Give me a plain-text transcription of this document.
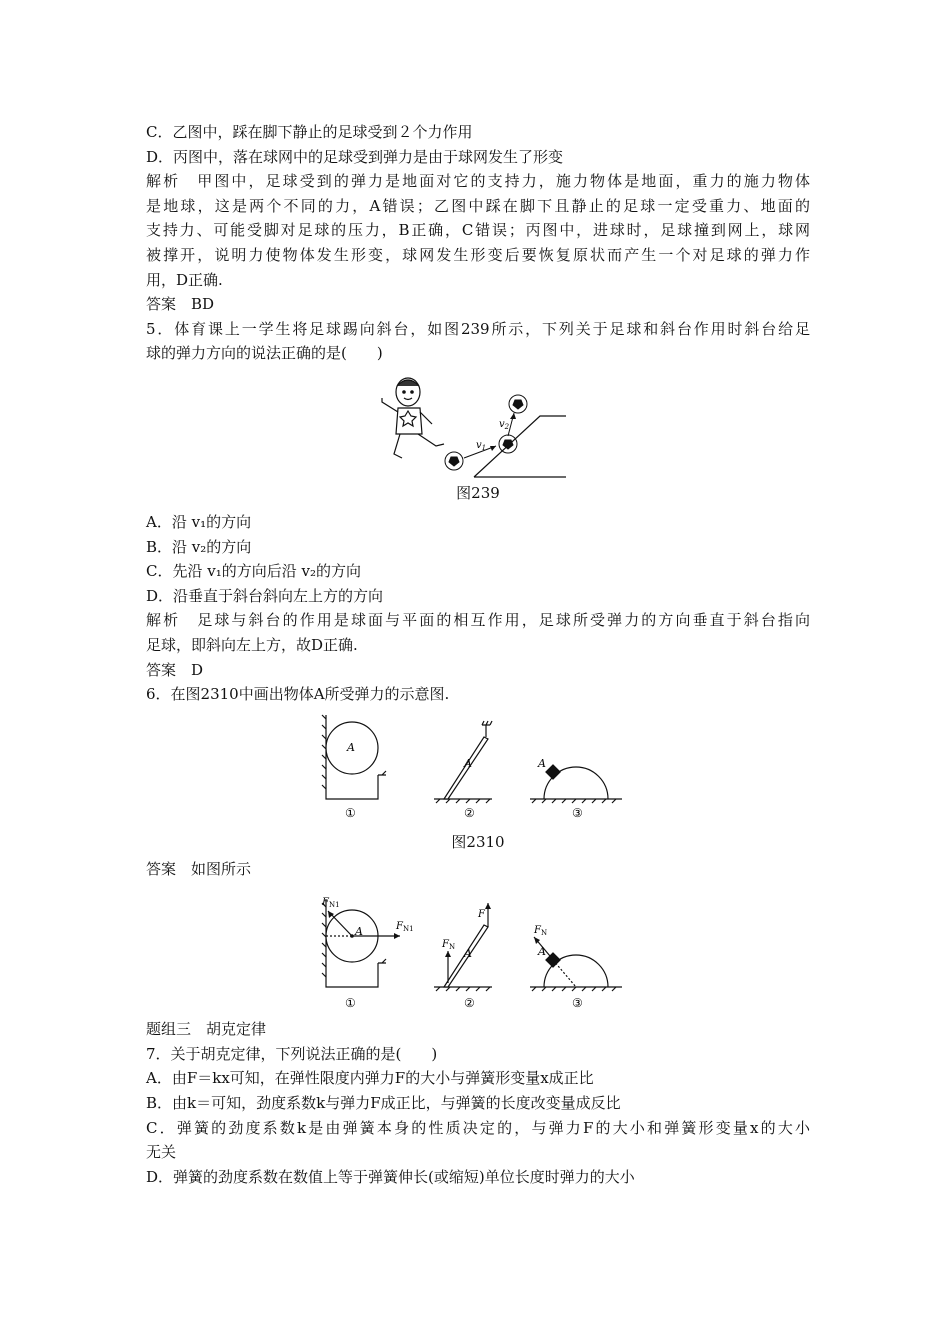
C．乙图中，踩在脚下静止的足球受到２个力作用
D．丙图中，落在球网中的足球受到弹力是由于球网发生了形变
解析　甲图中，足球受到的弹力是地面对它的支持力，施力物体是地面，重力的施力物体
是地球，这是两个不同的力，A错误；乙图中踩在脚下且静止的足球一定受重力、地面的
支持力、可能受脚对足球的压力，B正确，C错误；丙图中，进球时，足球撞到网上，球网
被撑开，说明力使物体发生形变，球网发生形变后要恢复原状而产生一个对足球的弹力作
用，D正确.
答案　BD
5．体育课上一学生将足球踢向斜台，如图239所示，下列关于足球和斜台作用时斜台给足
球的弹力方向的说法正确的是(　　)
$v_1$
$v_2$
图239
A．沿 v₁的方向
B．沿 v₂的方向
C．先沿 v₁的方向后沿 v₂的方向
D．沿垂直于斜台斜向左上方的方向
解析　足球与斜台的作用是球面与平面的相互作用，足球所受弹力的方向垂直于斜台指向
足球，即斜向左上方，故D正确.
答案　D
6．在图2310中画出物体A所受弹力的示意图.
A
①
A
②
A
③
图2310
答案　如图所示
$F_{N1}$
$F_{N1}$
A
①
$F_N$
F
A
②
$F_N$
A
③
题组三　胡克定律
7．关于胡克定律，下列说法正确的是(　　)
A．由F＝kx可知，在弹性限度内弹力F的大小与弹簧形变量x成正比
B．由k＝可知，劲度系数k与弹力F成正比，与弹簧的长度改变量成反比
C．弹簧的劲度系数k是由弹簧本身的性质决定的，与弹力F的大小和弹簧形变量x的大小
无关
D．弹簧的劲度系数在数值上等于弹簧伸长(或缩短)单位长度时弹力的大小
